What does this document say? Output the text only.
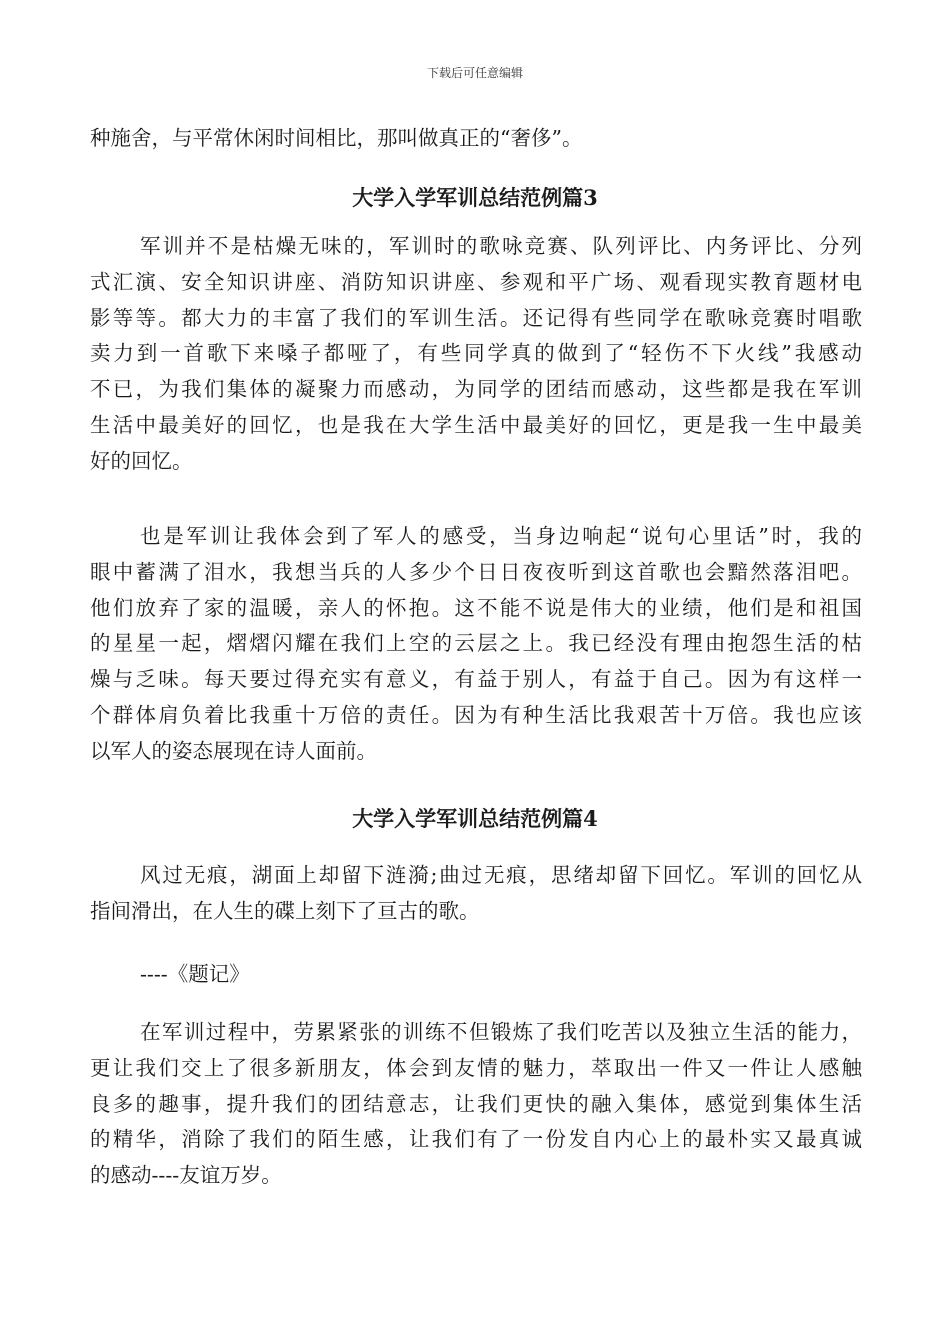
下载后可任意编辑
种施舍，与平常休闲时间相比，那叫做真正的“奢侈”。
大学入学军训总结范例篇3
军训并不是枯燥无味的，军训时的歌咏竞赛、队列评比、内务评比、分列
式汇演、安全知识讲座、消防知识讲座、参观和平广场、观看现实教育题材电
影等等。都大力的丰富了我们的军训生活。还记得有些同学在歌咏竞赛时唱歌
卖力到一首歌下来嗓子都哑了，有些同学真的做到了“轻伤不下火线”我感动
不已，为我们集体的凝聚力而感动，为同学的团结而感动，这些都是我在军训
生活中最美好的回忆，也是我在大学生活中最美好的回忆，更是我一生中最美
好的回忆。
也是军训让我体会到了军人的感受，当身边响起“说句心里话”时，我的
眼中蓄满了泪水，我想当兵的人多少个日日夜夜听到这首歌也会黯然落泪吧。
他们放弃了家的温暖，亲人的怀抱。这不能不说是伟大的业绩，他们是和祖国
的星星一起，熠熠闪耀在我们上空的云层之上。我已经没有理由抱怨生活的枯
燥与乏味。每天要过得充实有意义，有益于别人，有益于自己。因为有这样一
个群体肩负着比我重十万倍的责任。因为有种生活比我艰苦十万倍。我也应该
以军人的姿态展现在诗人面前。
大学入学军训总结范例篇4
风过无痕，湖面上却留下涟漪;曲过无痕，思绪却留下回忆。军训的回忆从
指间滑出，在人生的碟上刻下了亘古的歌。
----《题记》
在军训过程中，劳累紧张的训练不但锻炼了我们吃苦以及独立生活的能力，
更让我们交上了很多新朋友，体会到友情的魅力，萃取出一件又一件让人感触
良多的趣事，提升我们的团结意志，让我们更快的融入集体，感觉到集体生活
的精华，消除了我们的陌生感，让我们有了一份发自内心上的最朴实又最真诚
的感动----友谊万岁。
